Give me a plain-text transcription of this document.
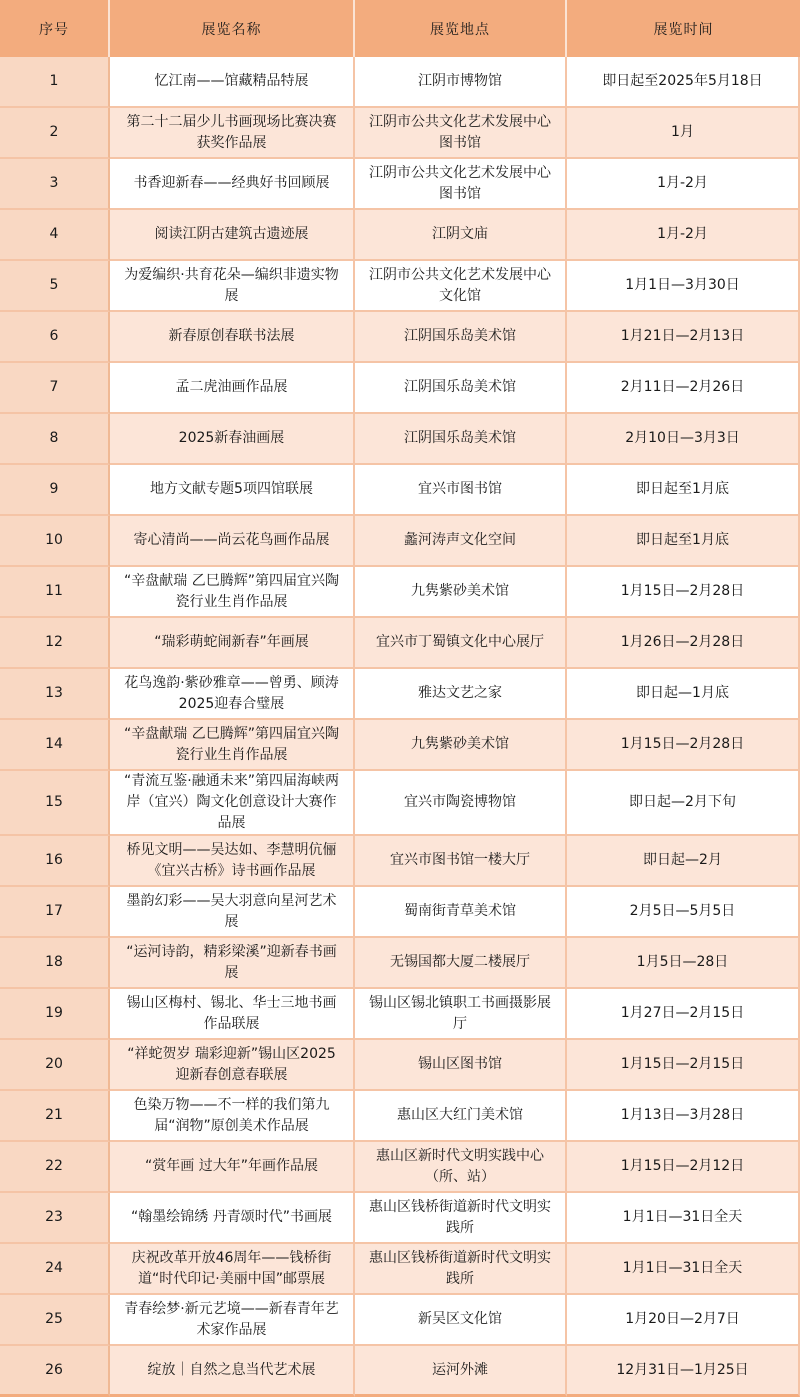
序号	展览名称	展览地点	展览时间
1	忆江南——馆藏精品特展	江阴市博物馆	即日起至2025年5月18日
2	第二十二届少儿书画现场比赛决赛获奖作品展	江阴市公共文化艺术发展中心图书馆	1月
3	书香迎新春——经典好书回顾展	江阴市公共文化艺术发展中心图书馆	1月-2月
4	阅读江阴古建筑古遗迹展	江阴文庙	1月-2月
5	为爱编织·共育花朵—编织非遗实物展	江阴市公共文化艺术发展中心文化馆	1月1日—3月30日
6	新春原创春联书法展	江阴国乐岛美术馆	1月21日—2月13日
7	孟二虎油画作品展	江阴国乐岛美术馆	2月11日—2月26日
8	2025新春油画展	江阴国乐岛美术馆	2月10日—3月3日
9	地方文献专题5项四馆联展	宜兴市图书馆	即日起至1月底
10	寄心清尚——尚云花鸟画作品展	蠡河涛声文化空间	即日起至1月底
11	“辛盘献瑞 乙巳腾辉”第四届宜兴陶瓷行业生肖作品展	九隽紫砂美术馆	1月15日—2月28日
12	“瑞彩萌蛇闹新春”年画展	宜兴市丁蜀镇文化中心展厅	1月26日—2月28日
13	花鸟逸韵·紫砂雅章——曾勇、顾涛2025迎春合璧展	雅达文艺之家	即日起—1月底
14	“辛盘献瑞 乙巳腾辉”第四届宜兴陶瓷行业生肖作品展	九隽紫砂美术馆	1月15日—2月28日
15	“青流互鉴·融通未来”第四届海峡两岸（宜兴）陶文化创意设计大赛作品展	宜兴市陶瓷博物馆	即日起—2月下旬
16	桥见文明——吴达如、李慧明伉俪《宜兴古桥》诗书画作品展	宜兴市图书馆一楼大厅	即日起—2月
17	墨韵幻彩——吴大羽意向星河艺术展	蜀南街青草美术馆	2月5日—5月5日
18	“运河诗韵，精彩梁溪”迎新春书画展	无锡国都大厦二楼展厅	1月5日—28日
19	锡山区梅村、锡北、华士三地书画作品联展	锡山区锡北镇职工书画摄影展厅	1月27日—2月15日
20	“祥蛇贺岁 瑞彩迎新”锡山区2025迎新春创意春联展	锡山区图书馆	1月15日—2月15日
21	色染万物——不一样的我们第九届“润物”原创美术作品展	惠山区大红门美术馆	1月13日—3月28日
22	“赏年画 过大年”年画作品展	惠山区新时代文明实践中心（所、站）	1月15日—2月12日
23	“翰墨绘锦绣 丹青颂时代”书画展	惠山区钱桥街道新时代文明实践所	1月1日—31日全天
24	庆祝改革开放46周年——钱桥街道“时代印记·美丽中国”邮票展	惠山区钱桥街道新时代文明实践所	1月1日—31日全天
25	青春绘梦·新元艺境——新春青年艺术家作品展	新吴区文化馆	1月20日—2月7日
26	绽放｜自然之息当代艺术展	运河外滩	12月31日—1月25日
